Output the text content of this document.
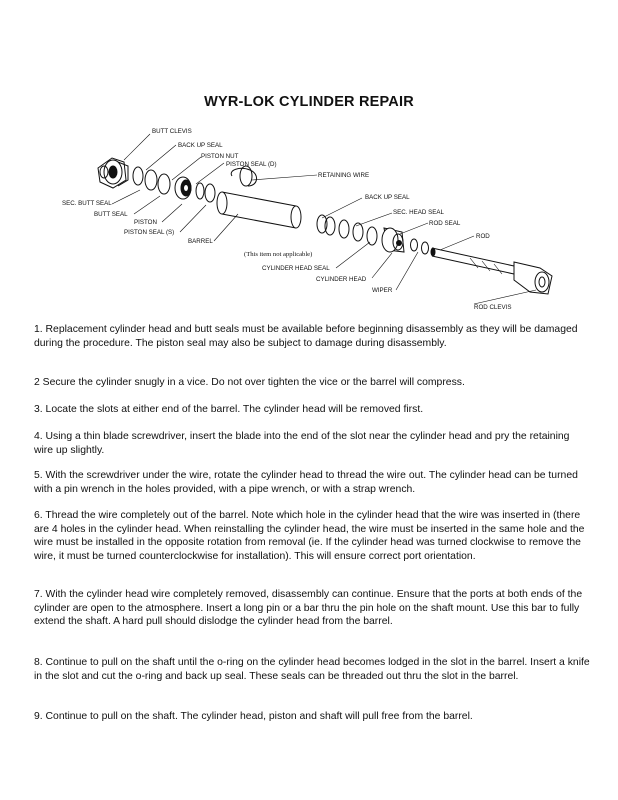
WYR-LOK CYLINDER REPAIR
BUTT CLEVIS
BACK UP SEAL
PISTON NUT
PISTON SEAL (D)
RETAINING WIRE
BACK UP SEAL
SEC. BUTT SEAL
BUTT SEAL
PISTON
PISTON SEAL (S)
BARREL
SEC. HEAD SEAL
ROD SEAL
ROD
(This item not applicable)
CYLINDER HEAD SEAL
CYLINDER HEAD
WIPER
ROD CLEVIS

1. Replacement cylinder head and butt seals must be available before beginning disassembly as they will be damaged during the procedure. The piston seal may also be subject to damage during disassembly.

2 Secure the cylinder snugly in a vice. Do not over tighten the vice or the barrel will compress.

3. Locate the slots at either end of the barrel. The cylinder head will be removed first.

4. Using a thin blade screwdriver, insert the blade into the end of the slot near the cylinder head and pry the retaining wire up slightly.

5. With the screwdriver under the wire, rotate the cylinder head to thread the wire out. The cylinder head can be turned with a pin wrench in the holes provided, with a pipe wrench, or with a strap wrench.

6. Thread the wire completely out of the barrel. Note which hole in the cylinder head that the wire was inserted in (there are 4 holes in the cylinder head. When reinstalling the cylinder head, the wire must be inserted in the same hole and the wire must be installed in the opposite rotation from removal (ie. If the cylinder head was turned clockwise to remove the wire, it must be turned counterclockwise for installation). This will ensure correct port orientation.

7. With the cylinder head wire completely removed, disassembly can continue. Ensure that the ports at both ends of the cylinder are open to the atmosphere. Insert a long pin or a bar thru the pin hole on the shaft mount. Use this bar to fully extend the shaft. A hard pull should dislodge the cylinder head from the barrel.

8. Continue to pull on the shaft until the o-ring on the cylinder head becomes lodged in the slot in the barrel. Insert a knife in the slot and cut the o-ring and back up seal. These seals can be threaded out thru the slot in the barrel.

9. Continue to pull on the shaft. The cylinder head, piston and shaft will pull free from the barrel.
